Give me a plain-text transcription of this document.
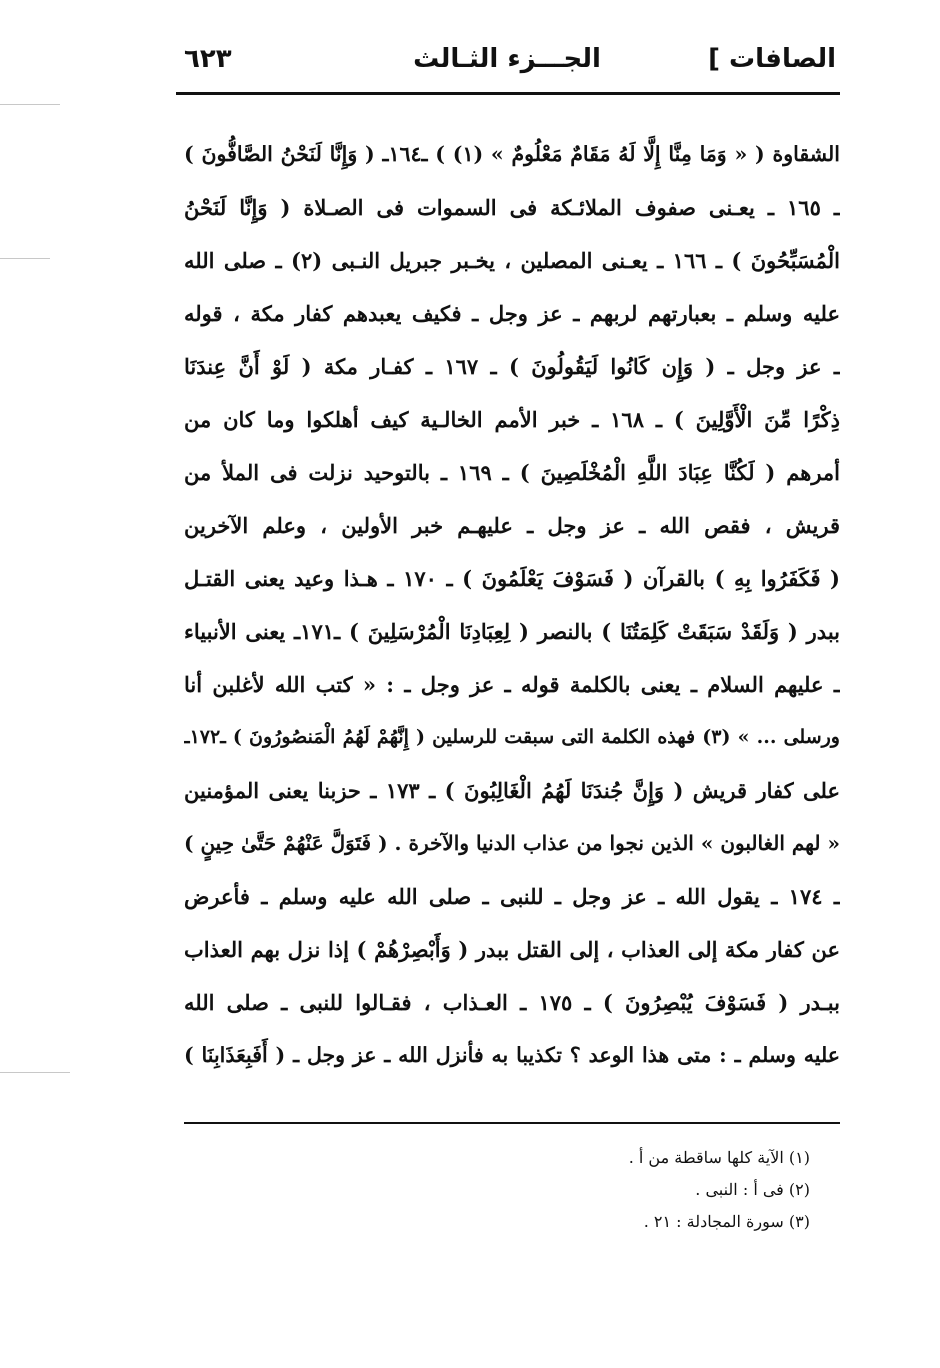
الصافات ]
الجـــزء الثـالث
٦٢٣
الشقاوة ( « وَمَا مِنَّا إِلَّا لَهُ مَقَامٌ مَعْلُومٌ » (١) ) ـ١٦٤ـ ( وَإِنَّا لَنَحْنُ الصَّافُّونَ )
ـ ١٦٥ ـ يعـنى صفوف الملائـكة فى السموات فى الصـلاة ( وَإِنَّا لَنَحْنُ
الْمُسَبِّحُونَ ) ـ ١٦٦ ـ يعـنى المصلين ، يخـبر جبريل النـبى (٢) ـ صلى الله
عليه وسلم ـ بعبارتهم لربهم ـ عز وجل ـ فكيف يعبدهم كفار مكة ، قوله
ـ عز وجل ـ ( وَإِن كَانُوا لَيَقُولُونَ ) ـ ١٦٧ ـ كفـار مكة ( لَوْ أَنَّ عِندَنَا
ذِكْرًا مِّنَ الْأَوَّلِينَ ) ـ ١٦٨ ـ خبر الأمم الخالـية كيف أهلكوا وما كان من
أمرهم ( لَكُنَّا عِبَادَ اللَّهِ الْمُخْلَصِينَ ) ـ ١٦٩ ـ بالتوحيد نزلت فى الملأ من
قريش ، فقص الله ـ عز وجل ـ عليهـم خبر الأولين ، وعلم الآخرين
( فَكَفَرُوا بِهِ ) بالقرآن ( فَسَوْفَ يَعْلَمُونَ ) ـ ١٧٠ ـ هـذا وعيد يعنى القتـل
ببدر ( وَلَقَدْ سَبَقَتْ كَلِمَتُنَا ) بالنصر ( لِعِبَادِنَا الْمُرْسَلِينَ ) ـ١٧١ـ يعنى الأنبياء
ـ عليهم السلام ـ يعنى بالكلمة قوله ـ عز وجل ـ : « كتب الله لأغلبن أنا
ورسلى ... » (٣) فهذه الكلمة التى سبقت للرسلين ( إِنَّهُمْ لَهُمُ الْمَنصُورُونَ ) ـ١٧٢ـ
على كفار قريش ( وَإِنَّ جُندَنَا لَهُمُ الْغَالِبُونَ ) ـ ١٧٣ ـ حزبنا يعنى المؤمنين
« لهم الغالبون » الذين نجوا من عذاب الدنيا والآخرة . ( فَتَوَلَّ عَنْهُمْ حَتَّىٰ حِينٍ )
ـ ١٧٤ ـ يقول الله ـ عز وجل ـ للنبى ـ صلى الله عليه وسلم ـ فأعرض
عن كفار مكة إلى العذاب ، إلى القتل ببدر ( وَأَبْصِرْهُمْ ) إذا نزل بهم العذاب
ببـدر ( فَسَوْفَ يُبْصِرُونَ ) ـ ١٧٥ ـ العـذاب ، فقـالوا للنبى ـ صلى الله
عليه وسلم ـ : متى هذا الوعد ؟ تكذيبا به فأنزل الله ـ عز وجل ـ ( أَفَبِعَذَابِنَا )
(١) الآية كلها ساقطة من أ .
(٢) فى أ : النبى .
(٣) سورة المجادلة : ٢١ .
